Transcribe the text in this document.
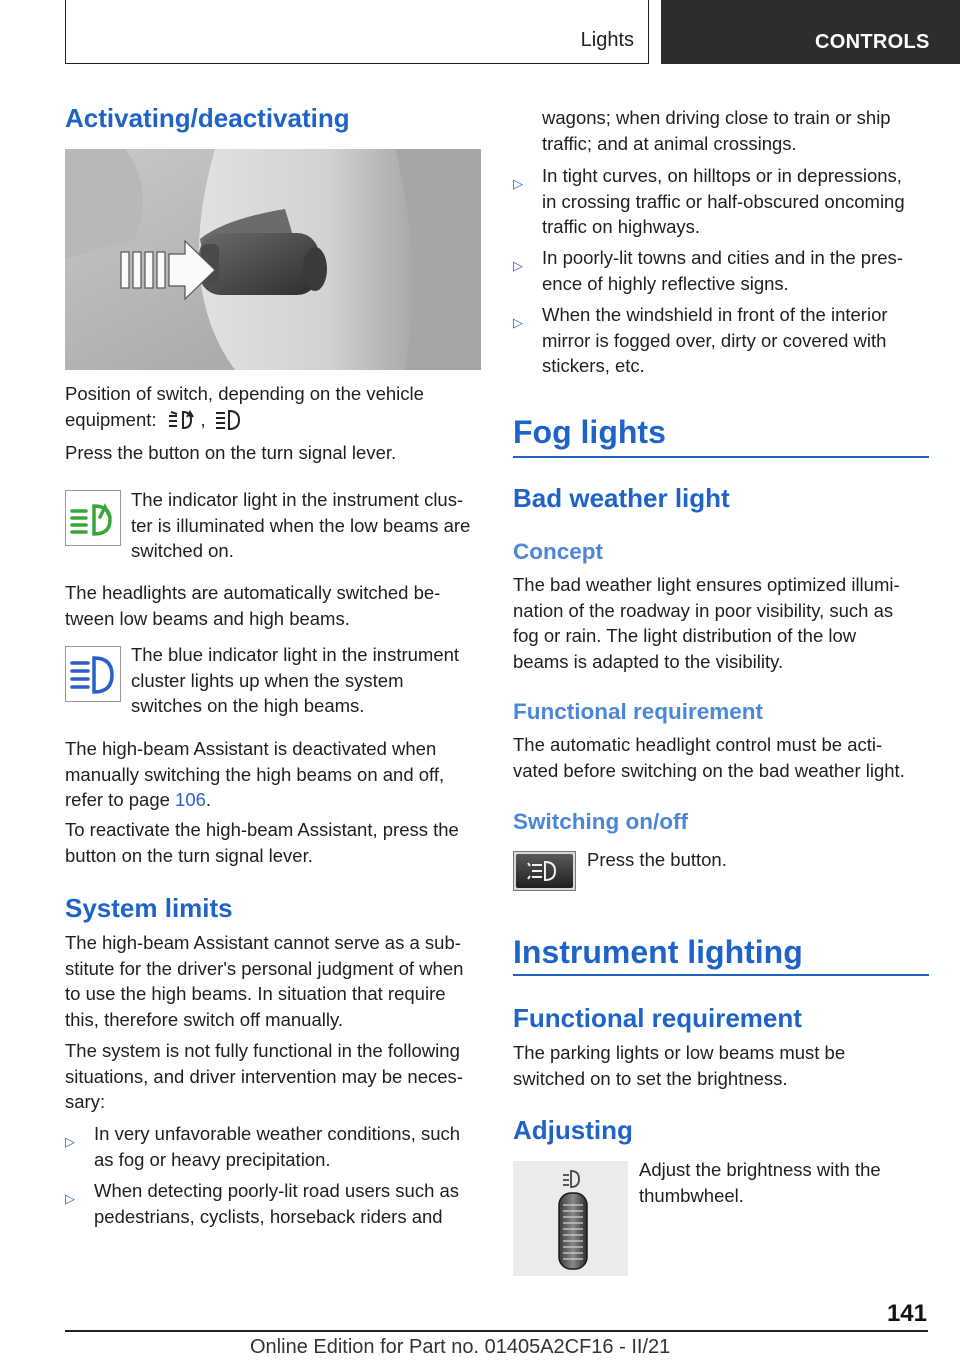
Lights	CONTROLS
Activating/deactivating
Position of switch, depending on the vehicle
equipment: ,
Press the button on the turn signal lever.
The indicator light in the instrument clus-
ter is illuminated when the low beams are
switched on.
The headlights are automatically switched be-
tween low beams and high beams.
The blue indicator light in the instrument
cluster lights up when the system
switches on the high beams.
The high-beam Assistant is deactivated when
manually switching the high beams on and off,
refer to page 106.
To reactivate the high-beam Assistant, press the
button on the turn signal lever.
System limits
The high-beam Assistant cannot serve as a sub-
stitute for the driver's personal judgment of when
to use the high beams. In situation that require
this, therefore switch off manually.
The system is not fully functional in the following
situations, and driver intervention may be neces-
sary:
▷ In very unfavorable weather conditions, such
as fog or heavy precipitation.
▷ When detecting poorly-lit road users such as
pedestrians, cyclists, horseback riders and
wagons; when driving close to train or ship
traffic; and at animal crossings.
▷ In tight curves, on hilltops or in depressions,
in crossing traffic or half-obscured oncoming
traffic on highways.
▷ In poorly-lit towns and cities and in the pres-
ence of highly reflective signs.
▷ When the windshield in front of the interior
mirror is fogged over, dirty or covered with
stickers, etc.
Fog lights
Bad weather light
Concept
The bad weather light ensures optimized illumi-
nation of the roadway in poor visibility, such as
fog or rain. The light distribution of the low
beams is adapted to the visibility.
Functional requirement
The automatic headlight control must be acti-
vated before switching on the bad weather light.
Switching on/off
Press the button.
Instrument lighting
Functional requirement
The parking lights or low beams must be
switched on to set the brightness.
Adjusting
Adjust the brightness with the
thumbwheel.
141
Online Edition for Part no. 01405A2CF16 - II/21
